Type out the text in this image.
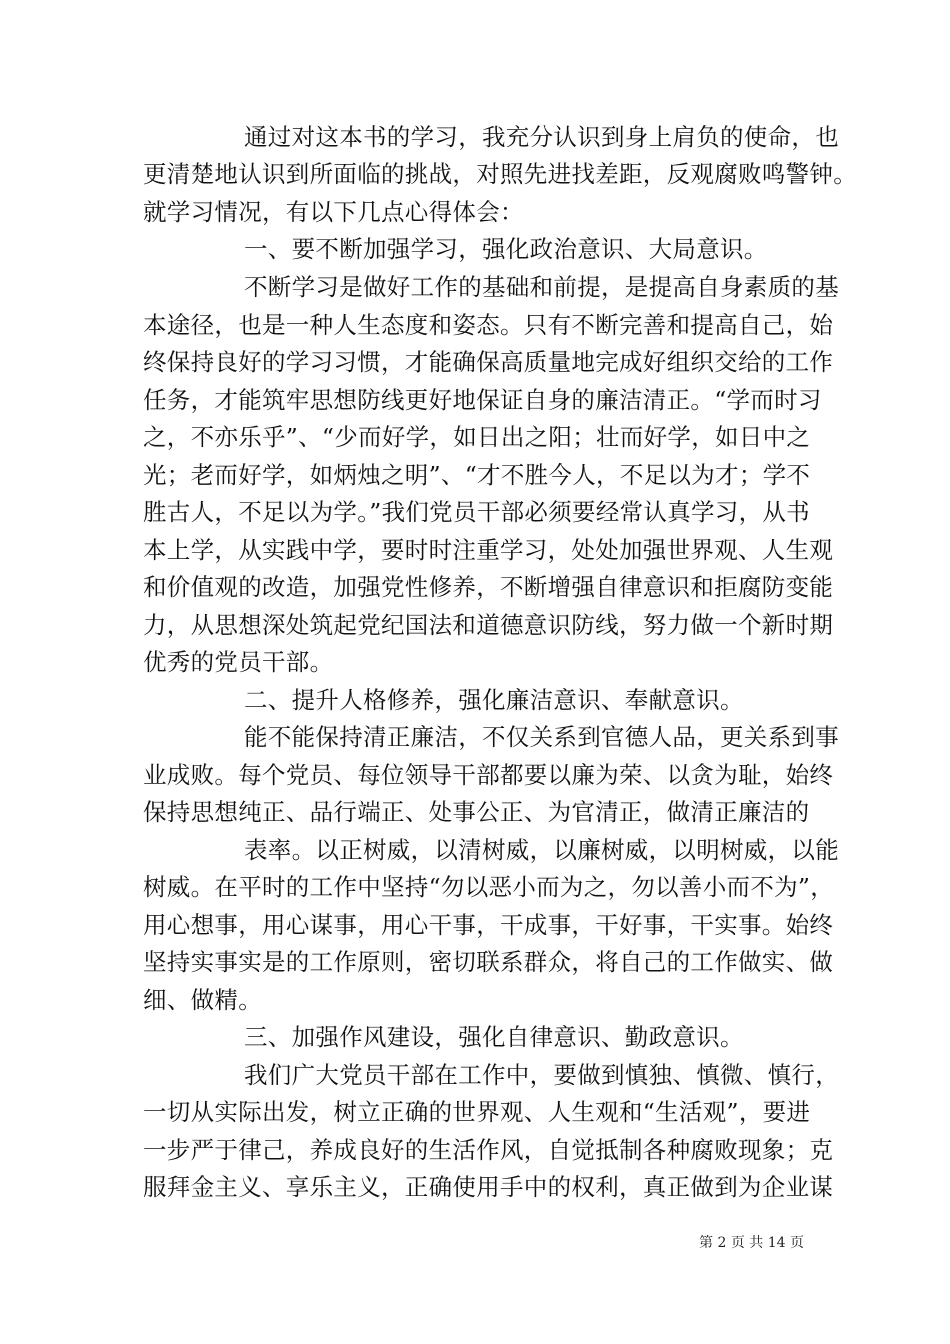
通过对这本书的学习，我充分认识到身上肩负的使命，也
更清楚地认识到所面临的挑战，对照先进找差距，反观腐败鸣警钟。
就学习情况，有以下几点心得体会：
一、要不断加强学习，强化政治意识、大局意识。
不断学习是做好工作的基础和前提，是提高自身素质的基
本途径，也是一种人生态度和姿态。只有不断完善和提高自己，始
终保持良好的学习习惯，才能确保高质量地完成好组织交给的工作
任务，才能筑牢思想防线更好地保证自身的廉洁清正。“学而时习
之，不亦乐乎”、“少而好学，如日出之阳；壮而好学，如日中之
光；老而好学，如炳烛之明”、“才不胜今人，不足以为才；学不
胜古人，不足以为学。”我们党员干部必须要经常认真学习，从书
本上学，从实践中学，要时时注重学习，处处加强世界观、人生观
和价值观的改造，加强党性修养，不断增强自律意识和拒腐防变能
力，从思想深处筑起党纪国法和道德意识防线，努力做一个新时期
优秀的党员干部。
二、提升人格修养，强化廉洁意识、奉献意识。
能不能保持清正廉洁，不仅关系到官德人品，更关系到事
业成败。每个党员、每位领导干部都要以廉为荣、以贪为耻，始终
保持思想纯正、品行端正、处事公正、为官清正，做清正廉洁的
表率。以正树威，以清树威，以廉树威，以明树威，以能
树威。在平时的工作中坚持“勿以恶小而为之，勿以善小而不为”，
用心想事，用心谋事，用心干事，干成事，干好事，干实事。始终
坚持实事实是的工作原则，密切联系群众，将自己的工作做实、做
细、做精。
三、加强作风建设，强化自律意识、勤政意识。
我们广大党员干部在工作中，要做到慎独、慎微、慎行，
一切从实际出发，树立正确的世界观、人生观和“生活观”，要进
一步严于律己，养成良好的生活作风，自觉抵制各种腐败现象；克
服拜金主义、享乐主义，正确使用手中的权利，真正做到为企业谋
第 2 页 共 14 页
